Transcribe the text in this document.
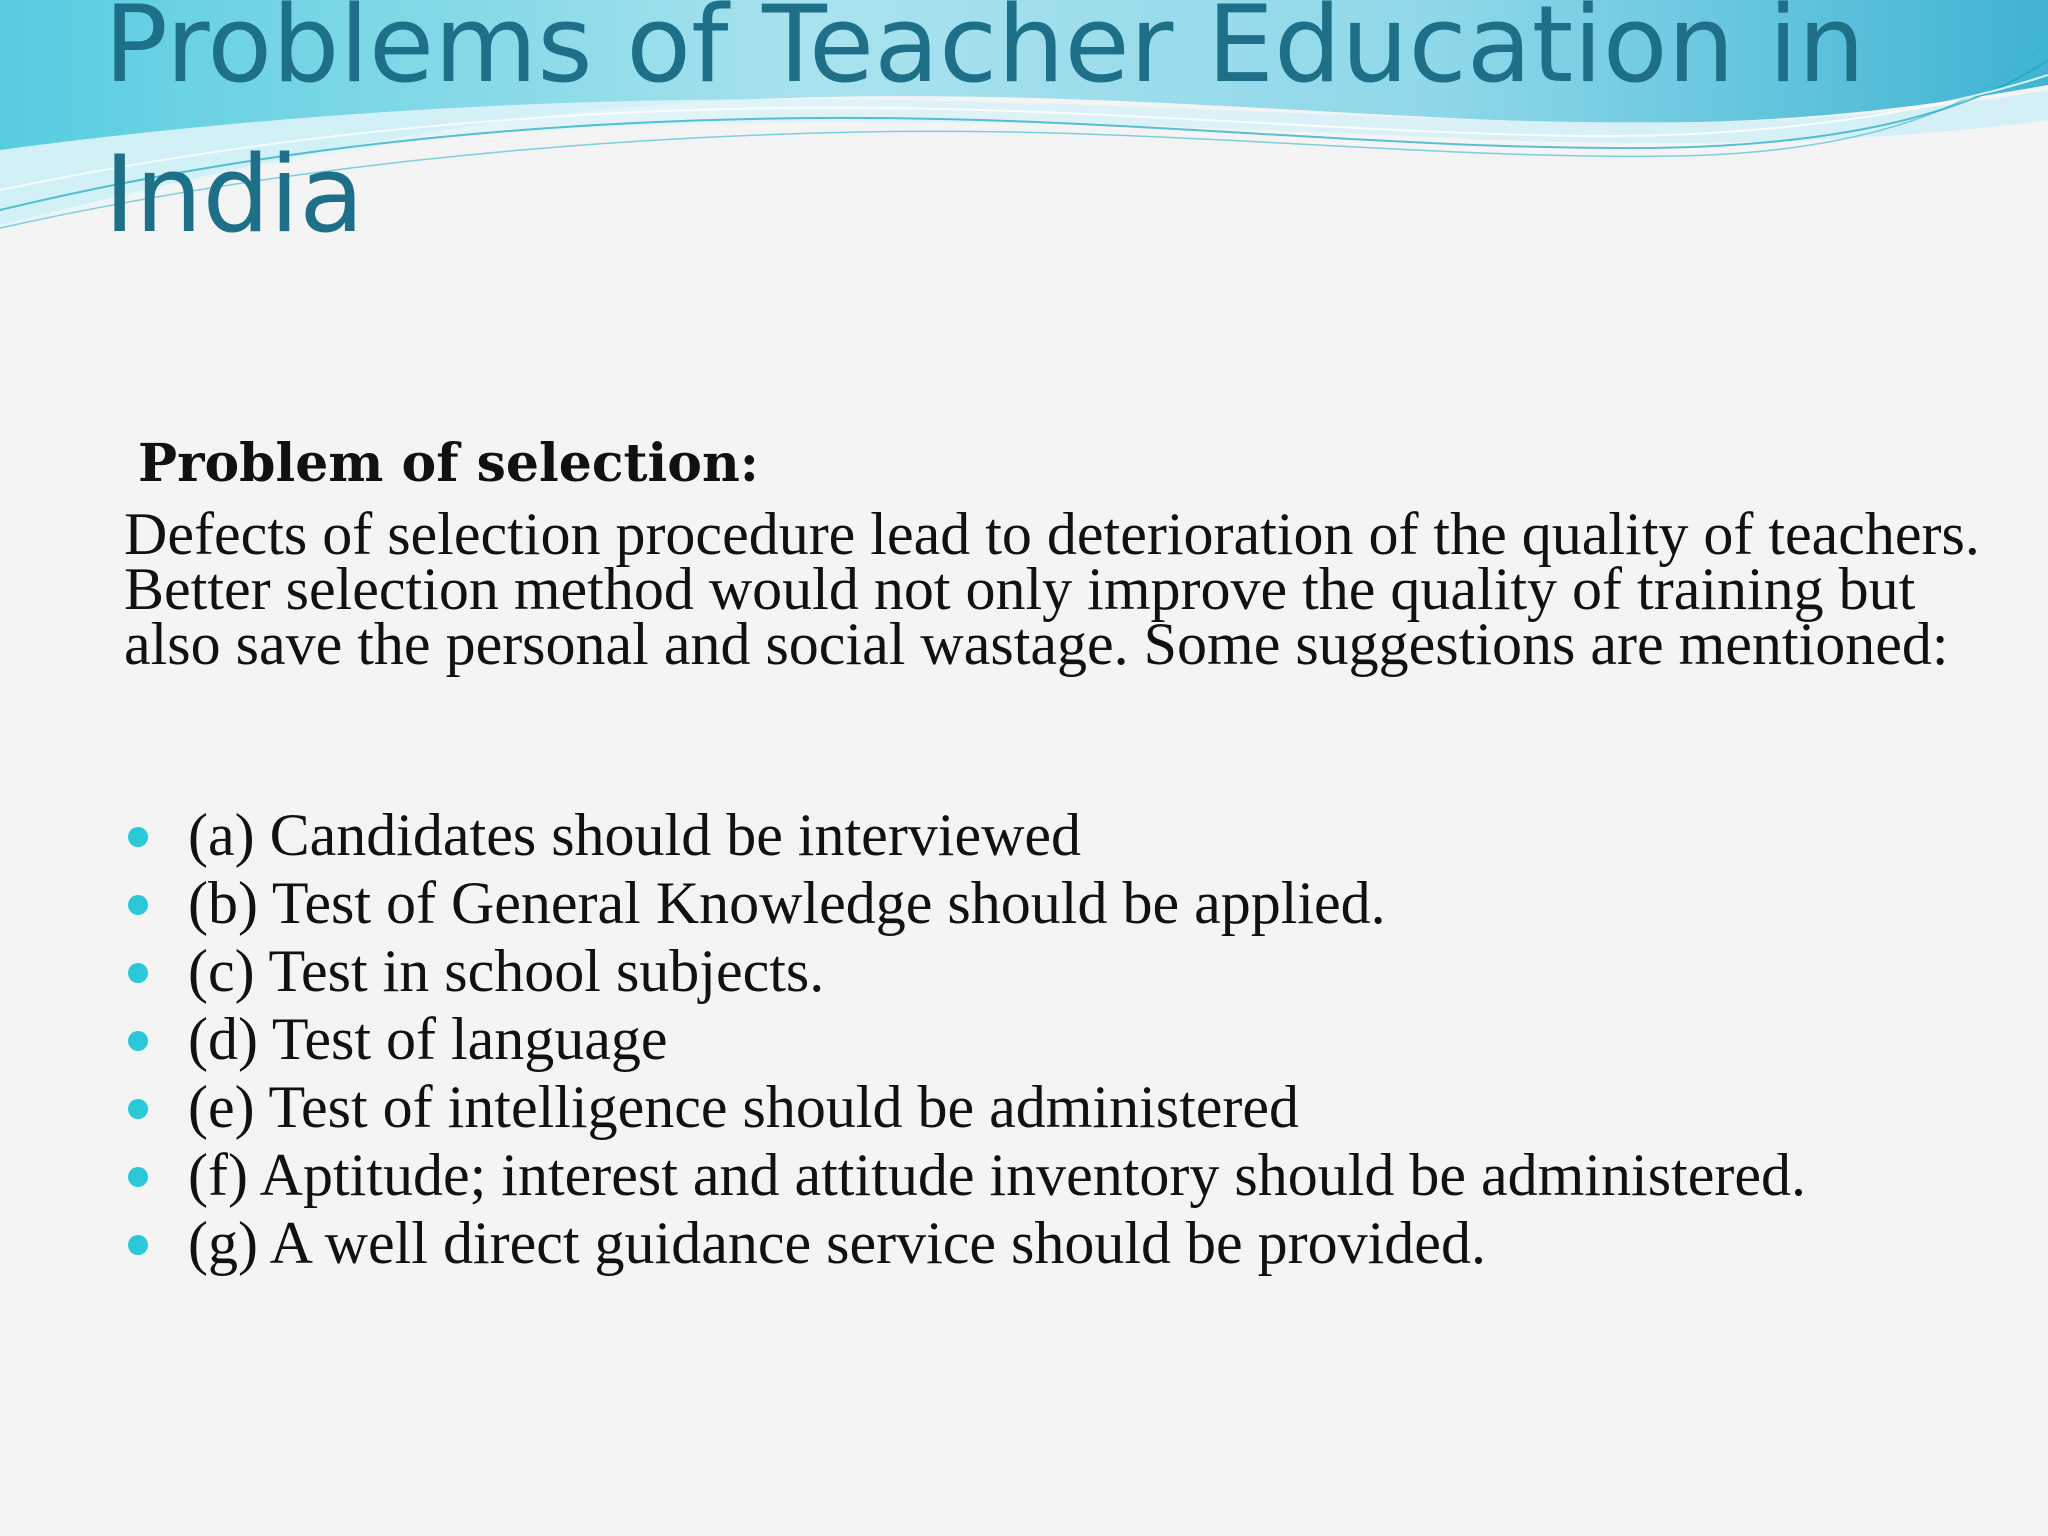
Problems of Teacher Education in
India
Problem of selection:

Defects of selection procedure lead to deterioration of the quality of teachers. Better selection method would not only improve the quality of training but also save the personal and social wastage. Some suggestions are mentioned:

(a) Candidates should be interviewed
(b) Test of General Knowledge should be applied.
(c) Test in school subjects.
(d) Test of language
(e) Test of intelligence should be administered
(f) Aptitude; interest and attitude inventory should be administered.
(g) A well direct guidance service should be provided.
